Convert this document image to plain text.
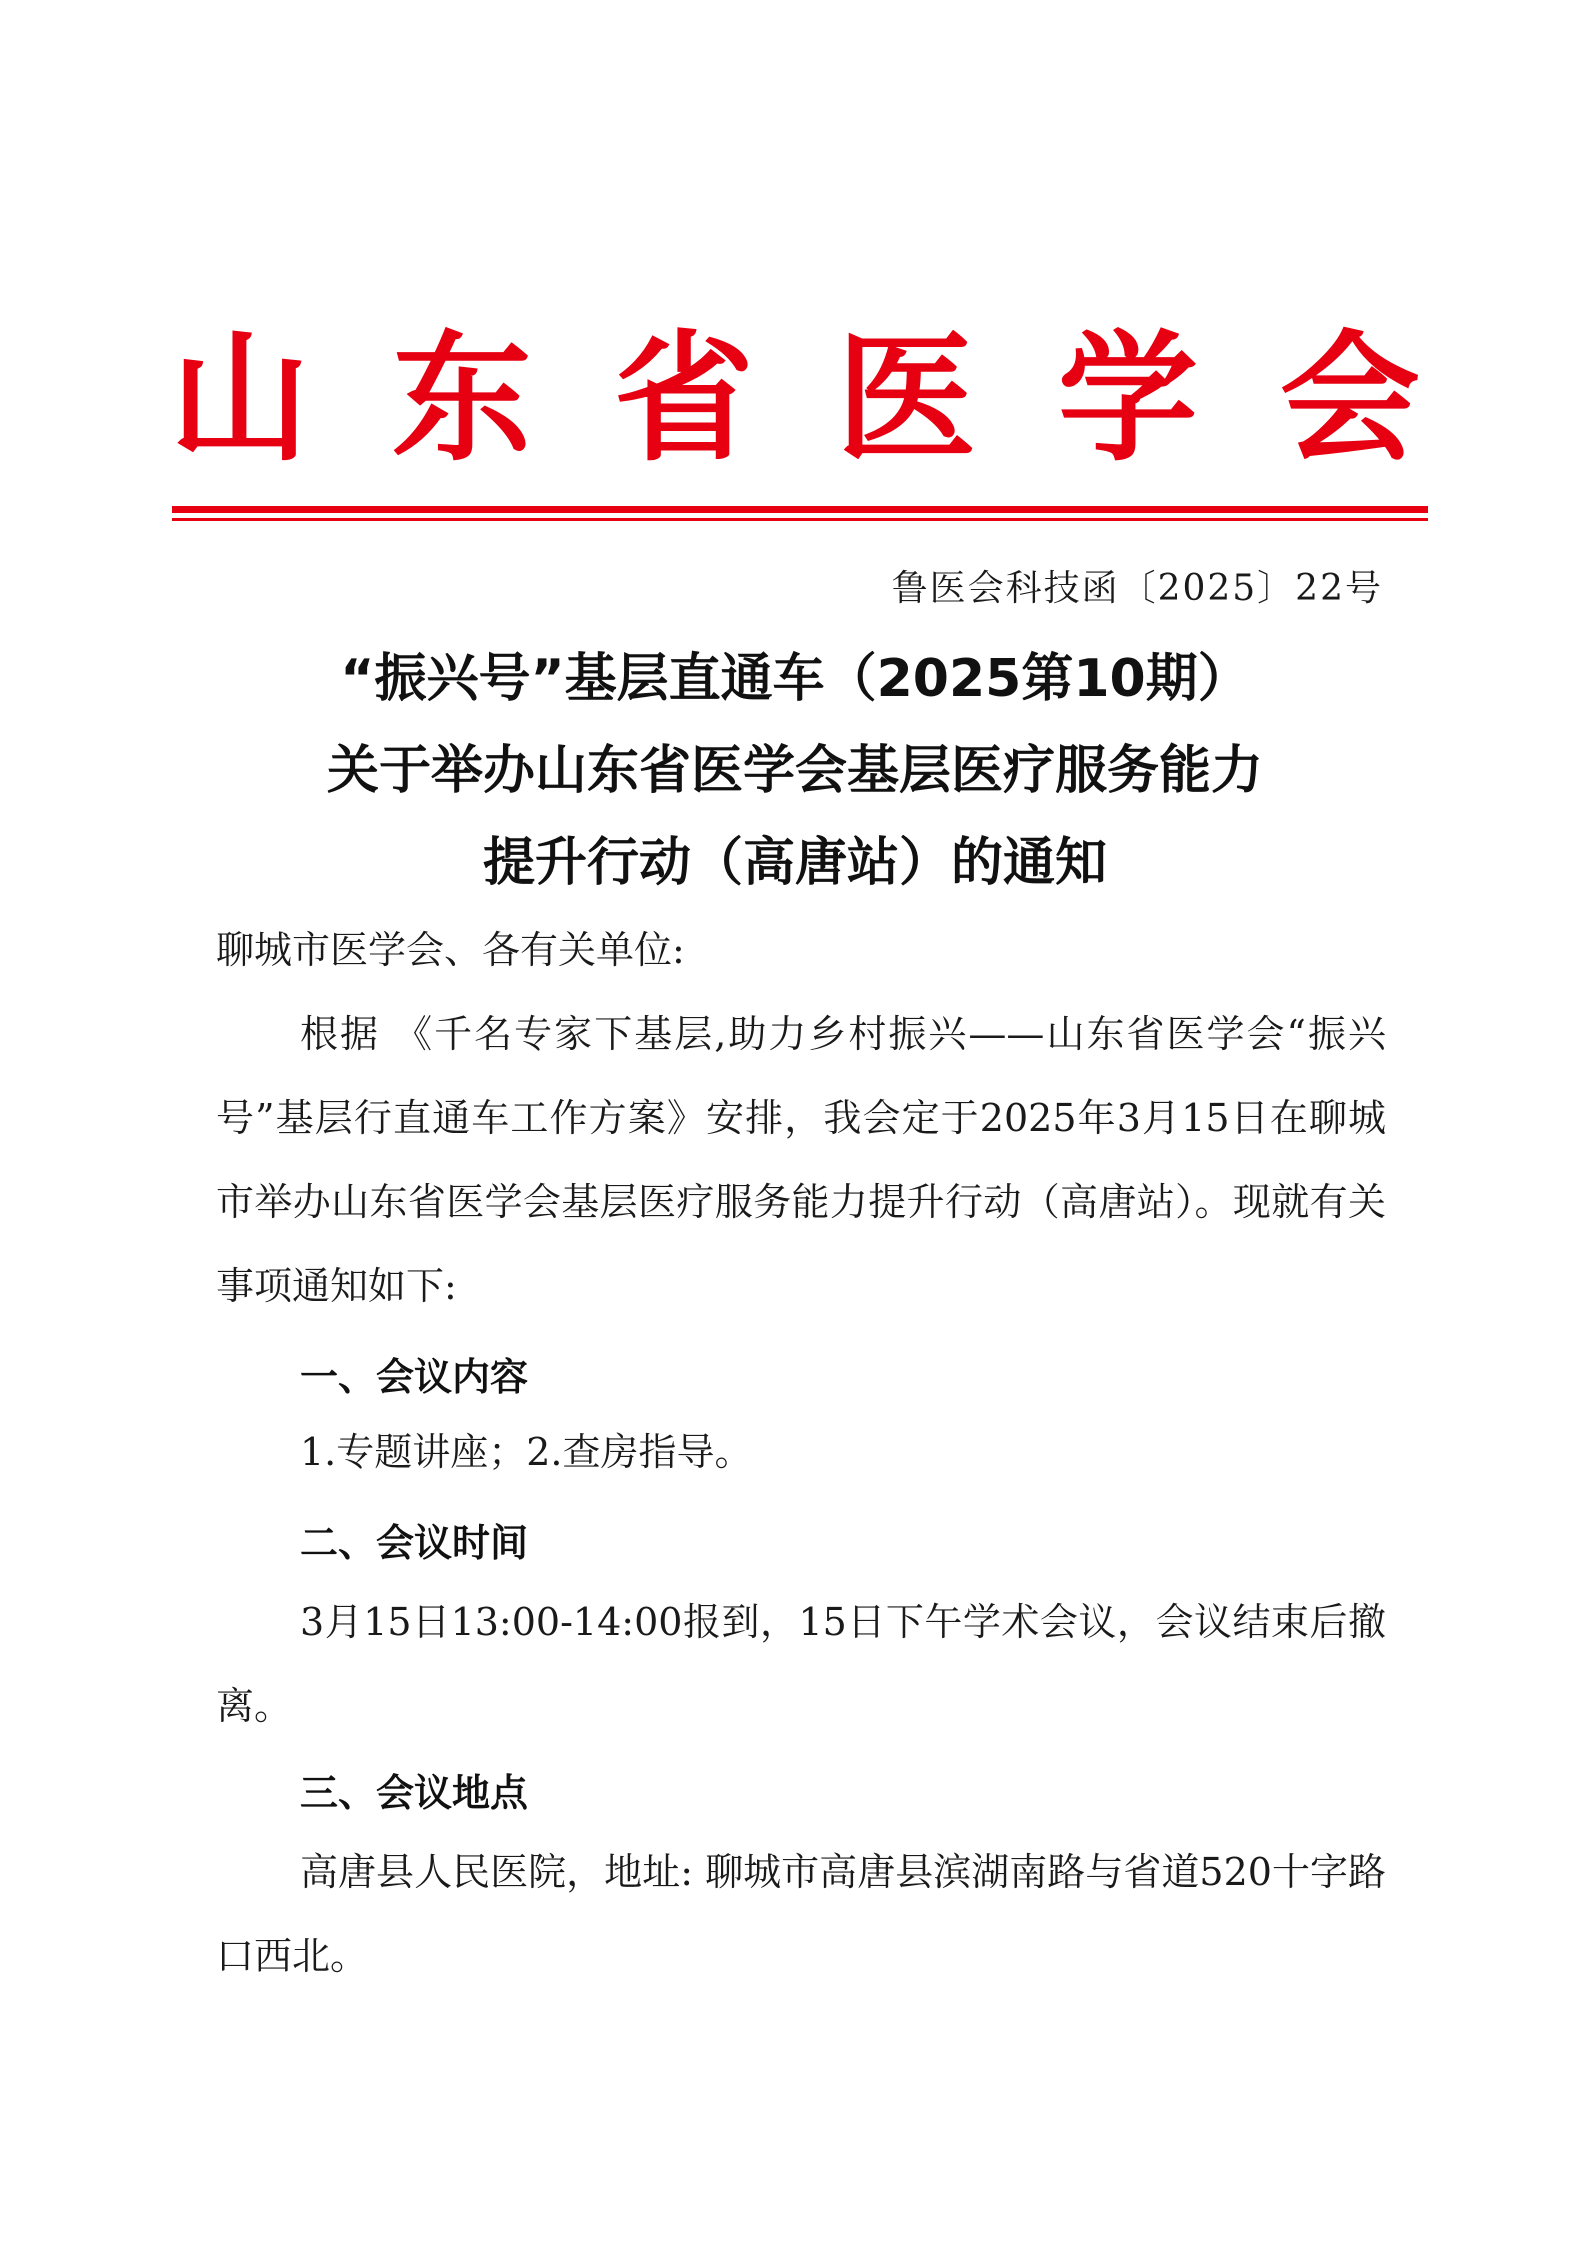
山 东 省 医 学 会
鲁医会科技函〔2025〕22号
“振兴号”基层直通车（2025第10期）
关于举办山东省医学会基层医疗服务能力
提升行动（高唐站）的通知
聊城市医学会、各有关单位:
根据 《千名专家下基层,助力乡村振兴——山东省医学会“振兴号”基层行直通车工作方案》安排，我会定于2025年3月15日在聊城市举办山东省医学会基层医疗服务能力提升行动（高唐站）。现就有关事项通知如下:
一、会议内容
1.专题讲座；2.查房指导。
二、会议时间
3月15日13:00-14:00报到，15日下午学术会议，会议结束后撤离。
三、会议地点
高唐县人民医院，地址: 聊城市高唐县滨湖南路与省道520十字路口西北。
